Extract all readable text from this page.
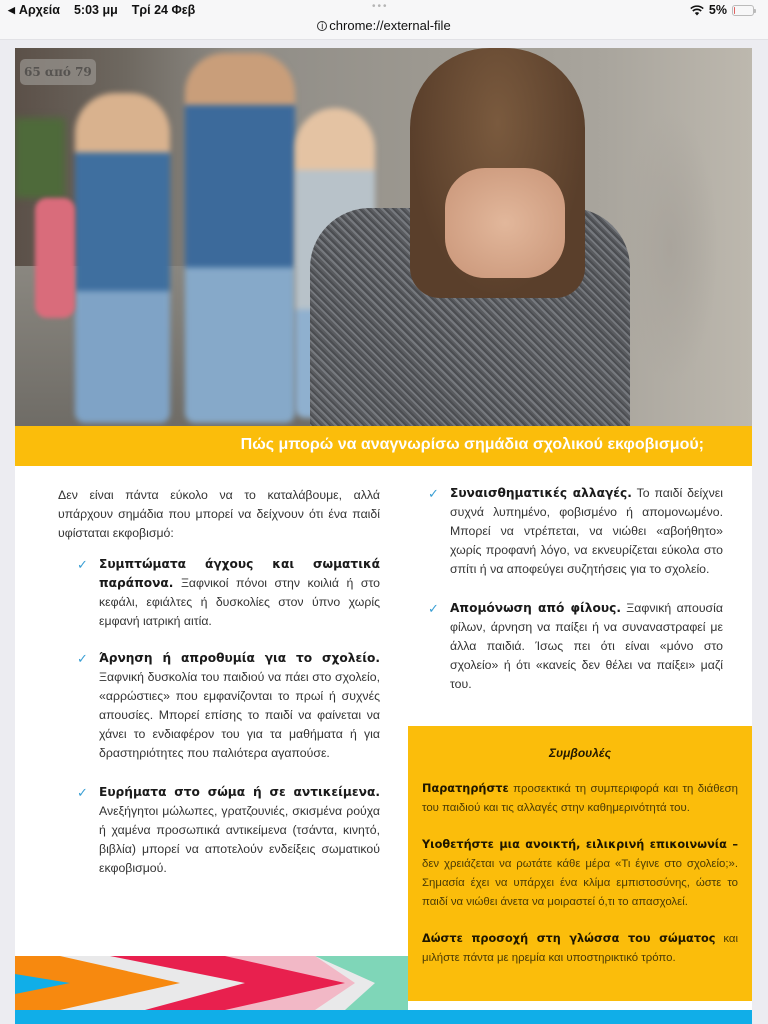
◀ Αρχεία 5:03 μμ Τρί 24 Φεβ	•••
i chrome://external-file
5%
65 από 79
Πώς μπορώ να αναγνωρίσω σημάδια σχολικού εκφοβισμού;

Δεν είναι πάντα εύκολο να το καταλάβουμε, αλλά υπάρχουν σημάδια που μπορεί να δείχνουν ότι ένα παιδί υφίσταται εκφοβισμό:

✓ Συμπτώματα άγχους και σωματικά παράπονα. Ξαφνικοί πόνοι στην κοιλιά ή στο κεφάλι, εφιάλτες ή δυσκολίες στον ύπνο χωρίς εμφανή ιατρική αιτία.
✓ Άρνηση ή απροθυμία για το σχολείο. Ξαφνική δυσκολία του παιδιού να πάει στο σχολείο, «αρρώστιες» που εμφανίζονται το πρωί ή συχνές απουσίες. Μπορεί επίσης το παιδί να φαίνεται να χάνει το ενδιαφέρον του για τα μαθήματα ή για δραστηριότητες που παλιότερα αγαπούσε.
✓ Ευρήματα στο σώμα ή σε αντικείμενα. Ανεξήγητοι μώλωπες, γρατζουνιές, σκισμένα ρούχα ή χαμένα προσωπικά αντικείμενα (τσάντα, κινητό, βιβλία) μπορεί να αποτελούν ενδείξεις σωματικού εκφοβισμού.
✓ Συναισθηματικές αλλαγές. Το παιδί δείχνει συχνά λυπημένο, φοβισμένο ή απομονωμένο. Μπορεί να ντρέπεται, να νιώθει «αβοήθητο» χωρίς προφανή λόγο, να εκνευρίζεται εύκολα στο σπίτι ή να αποφεύγει συζητήσεις για το σχολείο.
✓ Απομόνωση από φίλους. Ξαφνική απουσία φίλων, άρνηση να παίξει ή να συναναστραφεί με άλλα παιδιά. Ίσως πει ότι είναι «μόνο στο σχολείο» ή ότι «κανείς δεν θέλει να παίξει» μαζί του.
Συμβουλές

Παρατηρήστε προσεκτικά τη συμπεριφορά και τη διάθεση του παιδιού και τις αλλαγές στην καθημερινότητά του.

Υιοθετήστε μια ανοικτή, ειλικρινή επικοινωνία – δεν χρειάζεται να ρωτάτε κάθε μέρα «Τι έγινε στο σχολείο;». Σημασία έχει να υπάρχει ένα κλίμα εμπιστοσύνης, ώστε το παιδί να νιώθει άνετα να μοιραστεί ό,τι το απασχολεί.

Δώστε προσοχή στη γλώσσα του σώματος και μιλήστε πάντα με ηρεμία και υποστηρικτικό τρόπο.
